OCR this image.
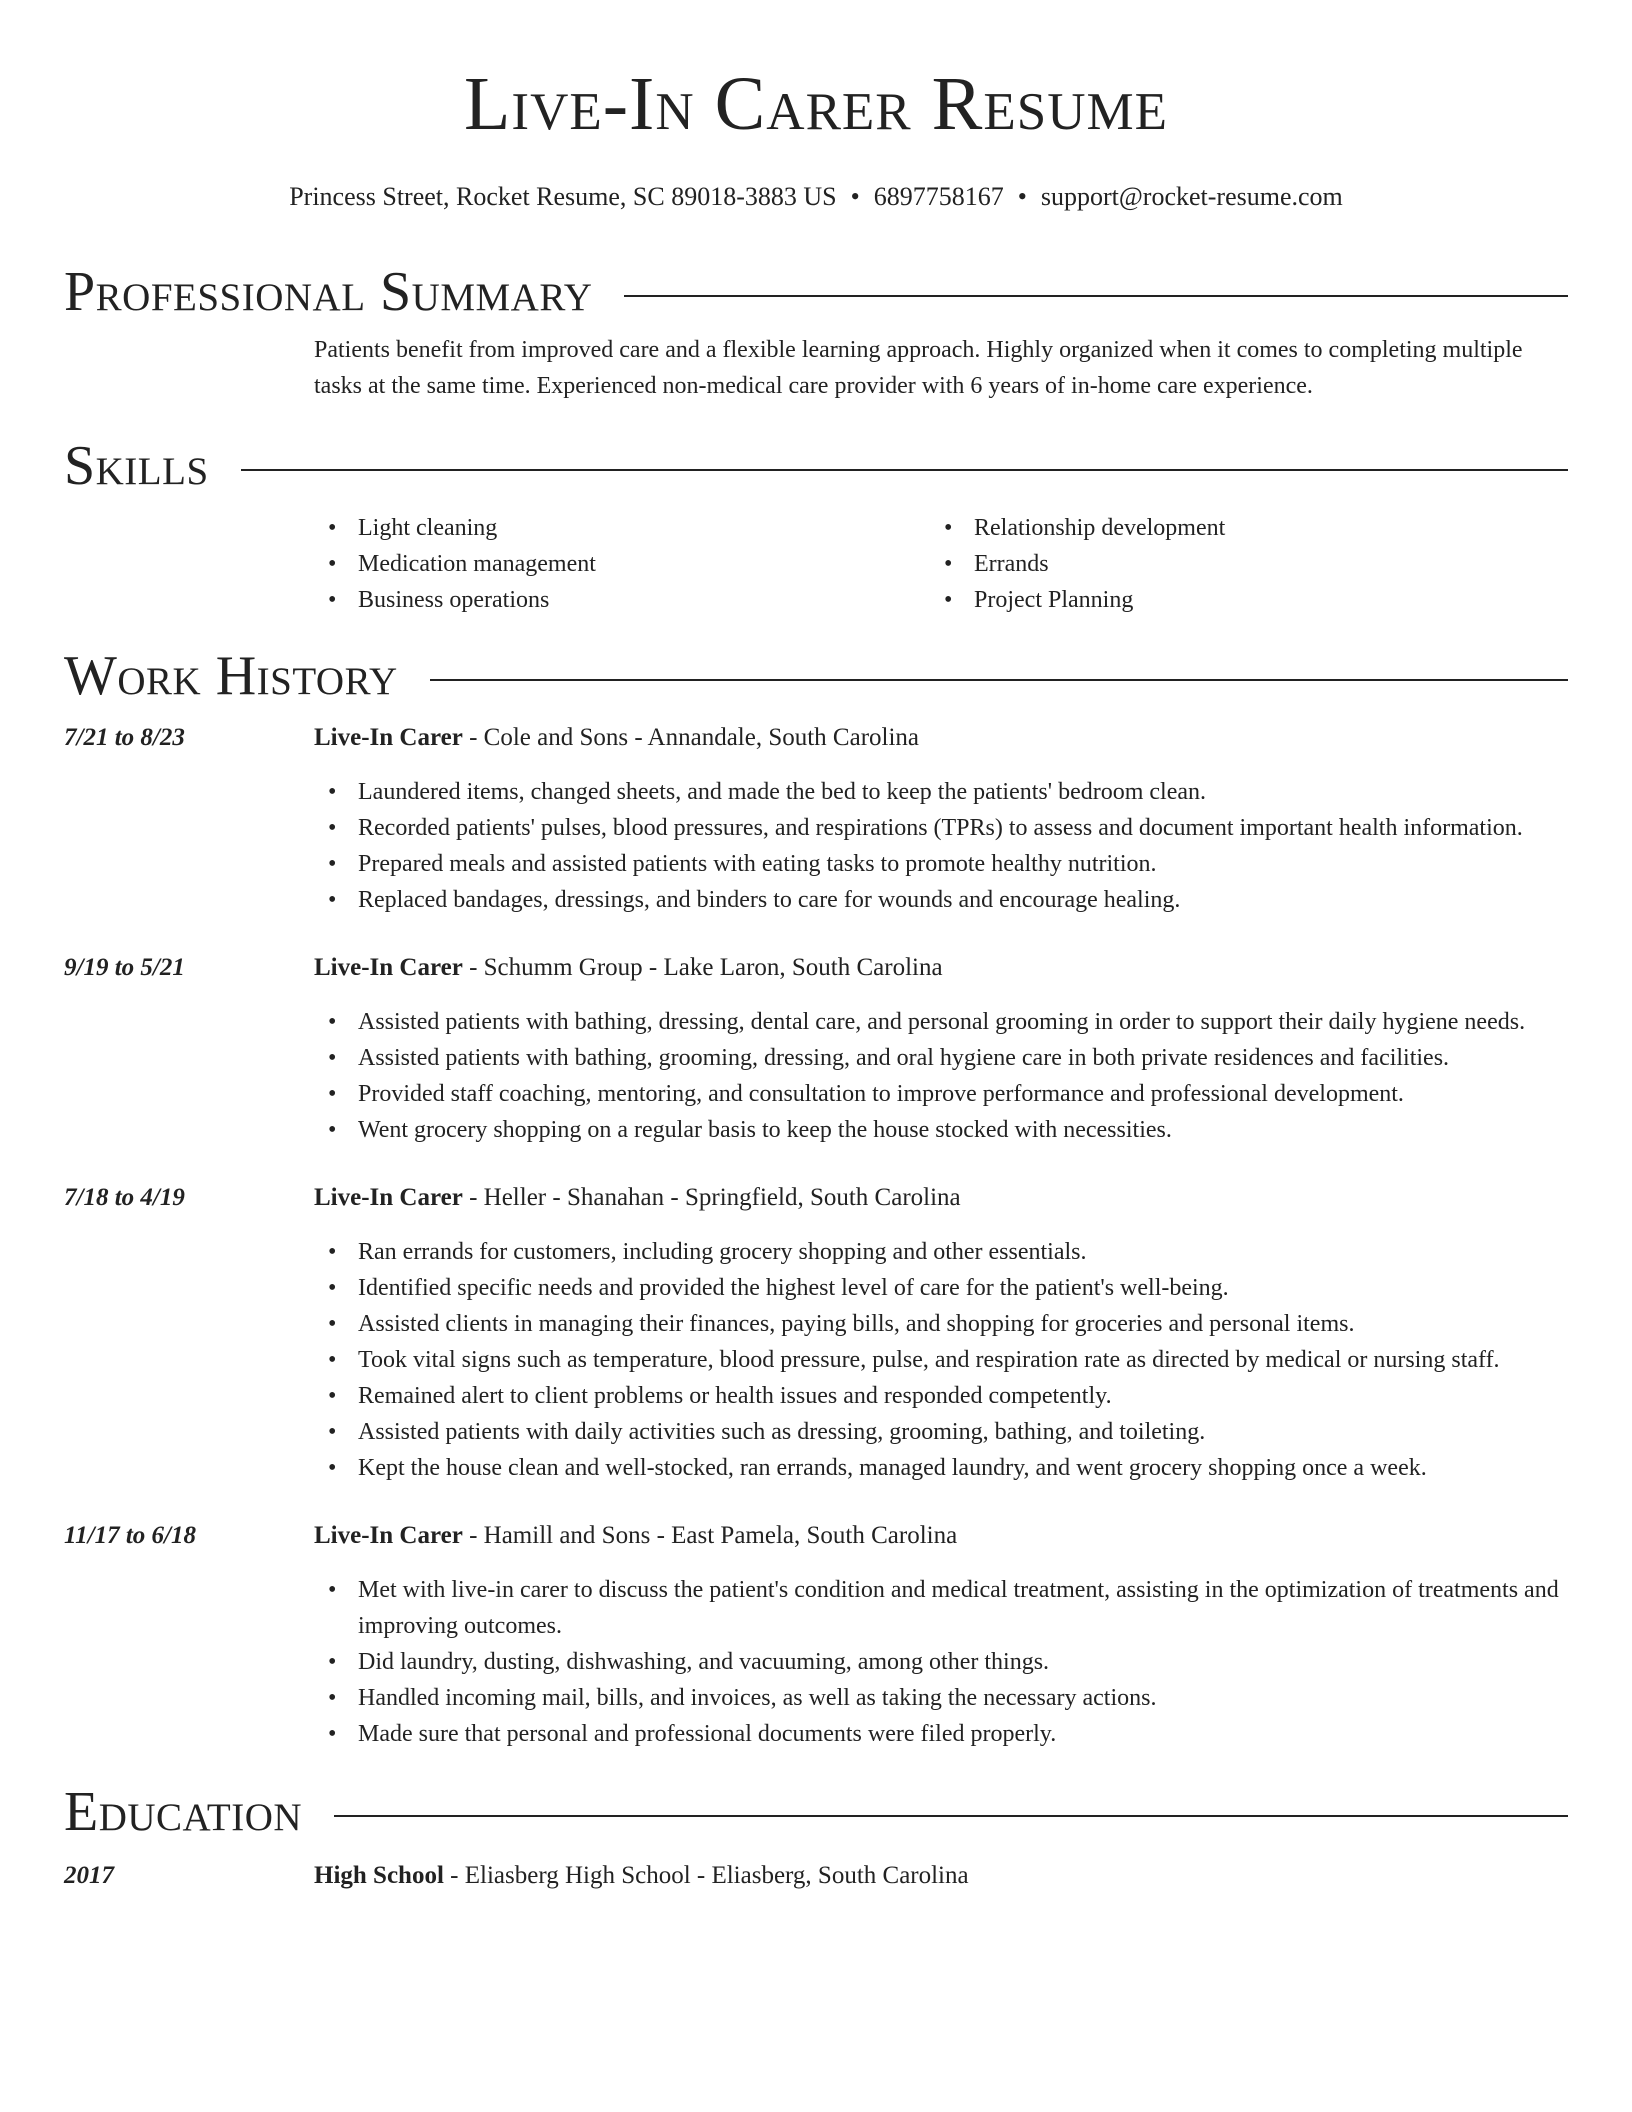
Live-In Carer Resume
Princess Street, Rocket Resume, SC 89018-3883 US • 6897758167 • support@rocket-resume.com
Professional Summary
Patients benefit from improved care and a flexible learning approach. Highly organized when it comes to completing multiple tasks at the same time. Experienced non-medical care provider with 6 years of in-home care experience.
Skills
• Light cleaning
• Medication management
• Business operations
• Relationship development
• Errands
• Project Planning
Work History
7/21 to 8/23	Live-In Carer - Cole and Sons - Annandale, South Carolina
• Laundered items, changed sheets, and made the bed to keep the patients' bedroom clean.
• Recorded patients' pulses, blood pressures, and respirations (TPRs) to assess and document important health information.
• Prepared meals and assisted patients with eating tasks to promote healthy nutrition.
• Replaced bandages, dressings, and binders to care for wounds and encourage healing.
9/19 to 5/21	Live-In Carer - Schumm Group - Lake Laron, South Carolina
• Assisted patients with bathing, dressing, dental care, and personal grooming in order to support their daily hygiene needs.
• Assisted patients with bathing, grooming, dressing, and oral hygiene care in both private residences and facilities.
• Provided staff coaching, mentoring, and consultation to improve performance and professional development.
• Went grocery shopping on a regular basis to keep the house stocked with necessities.
7/18 to 4/19	Live-In Carer - Heller - Shanahan - Springfield, South Carolina
• Ran errands for customers, including grocery shopping and other essentials.
• Identified specific needs and provided the highest level of care for the patient's well-being.
• Assisted clients in managing their finances, paying bills, and shopping for groceries and personal items.
• Took vital signs such as temperature, blood pressure, pulse, and respiration rate as directed by medical or nursing staff.
• Remained alert to client problems or health issues and responded competently.
• Assisted patients with daily activities such as dressing, grooming, bathing, and toileting.
• Kept the house clean and well-stocked, ran errands, managed laundry, and went grocery shopping once a week.
11/17 to 6/18	Live-In Carer - Hamill and Sons - East Pamela, South Carolina
• Met with live-in carer to discuss the patient's condition and medical treatment, assisting in the optimization of treatments and improving outcomes.
• Did laundry, dusting, dishwashing, and vacuuming, among other things.
• Handled incoming mail, bills, and invoices, as well as taking the necessary actions.
• Made sure that personal and professional documents were filed properly.
Education
2017	High School - Eliasberg High School - Eliasberg, South Carolina
